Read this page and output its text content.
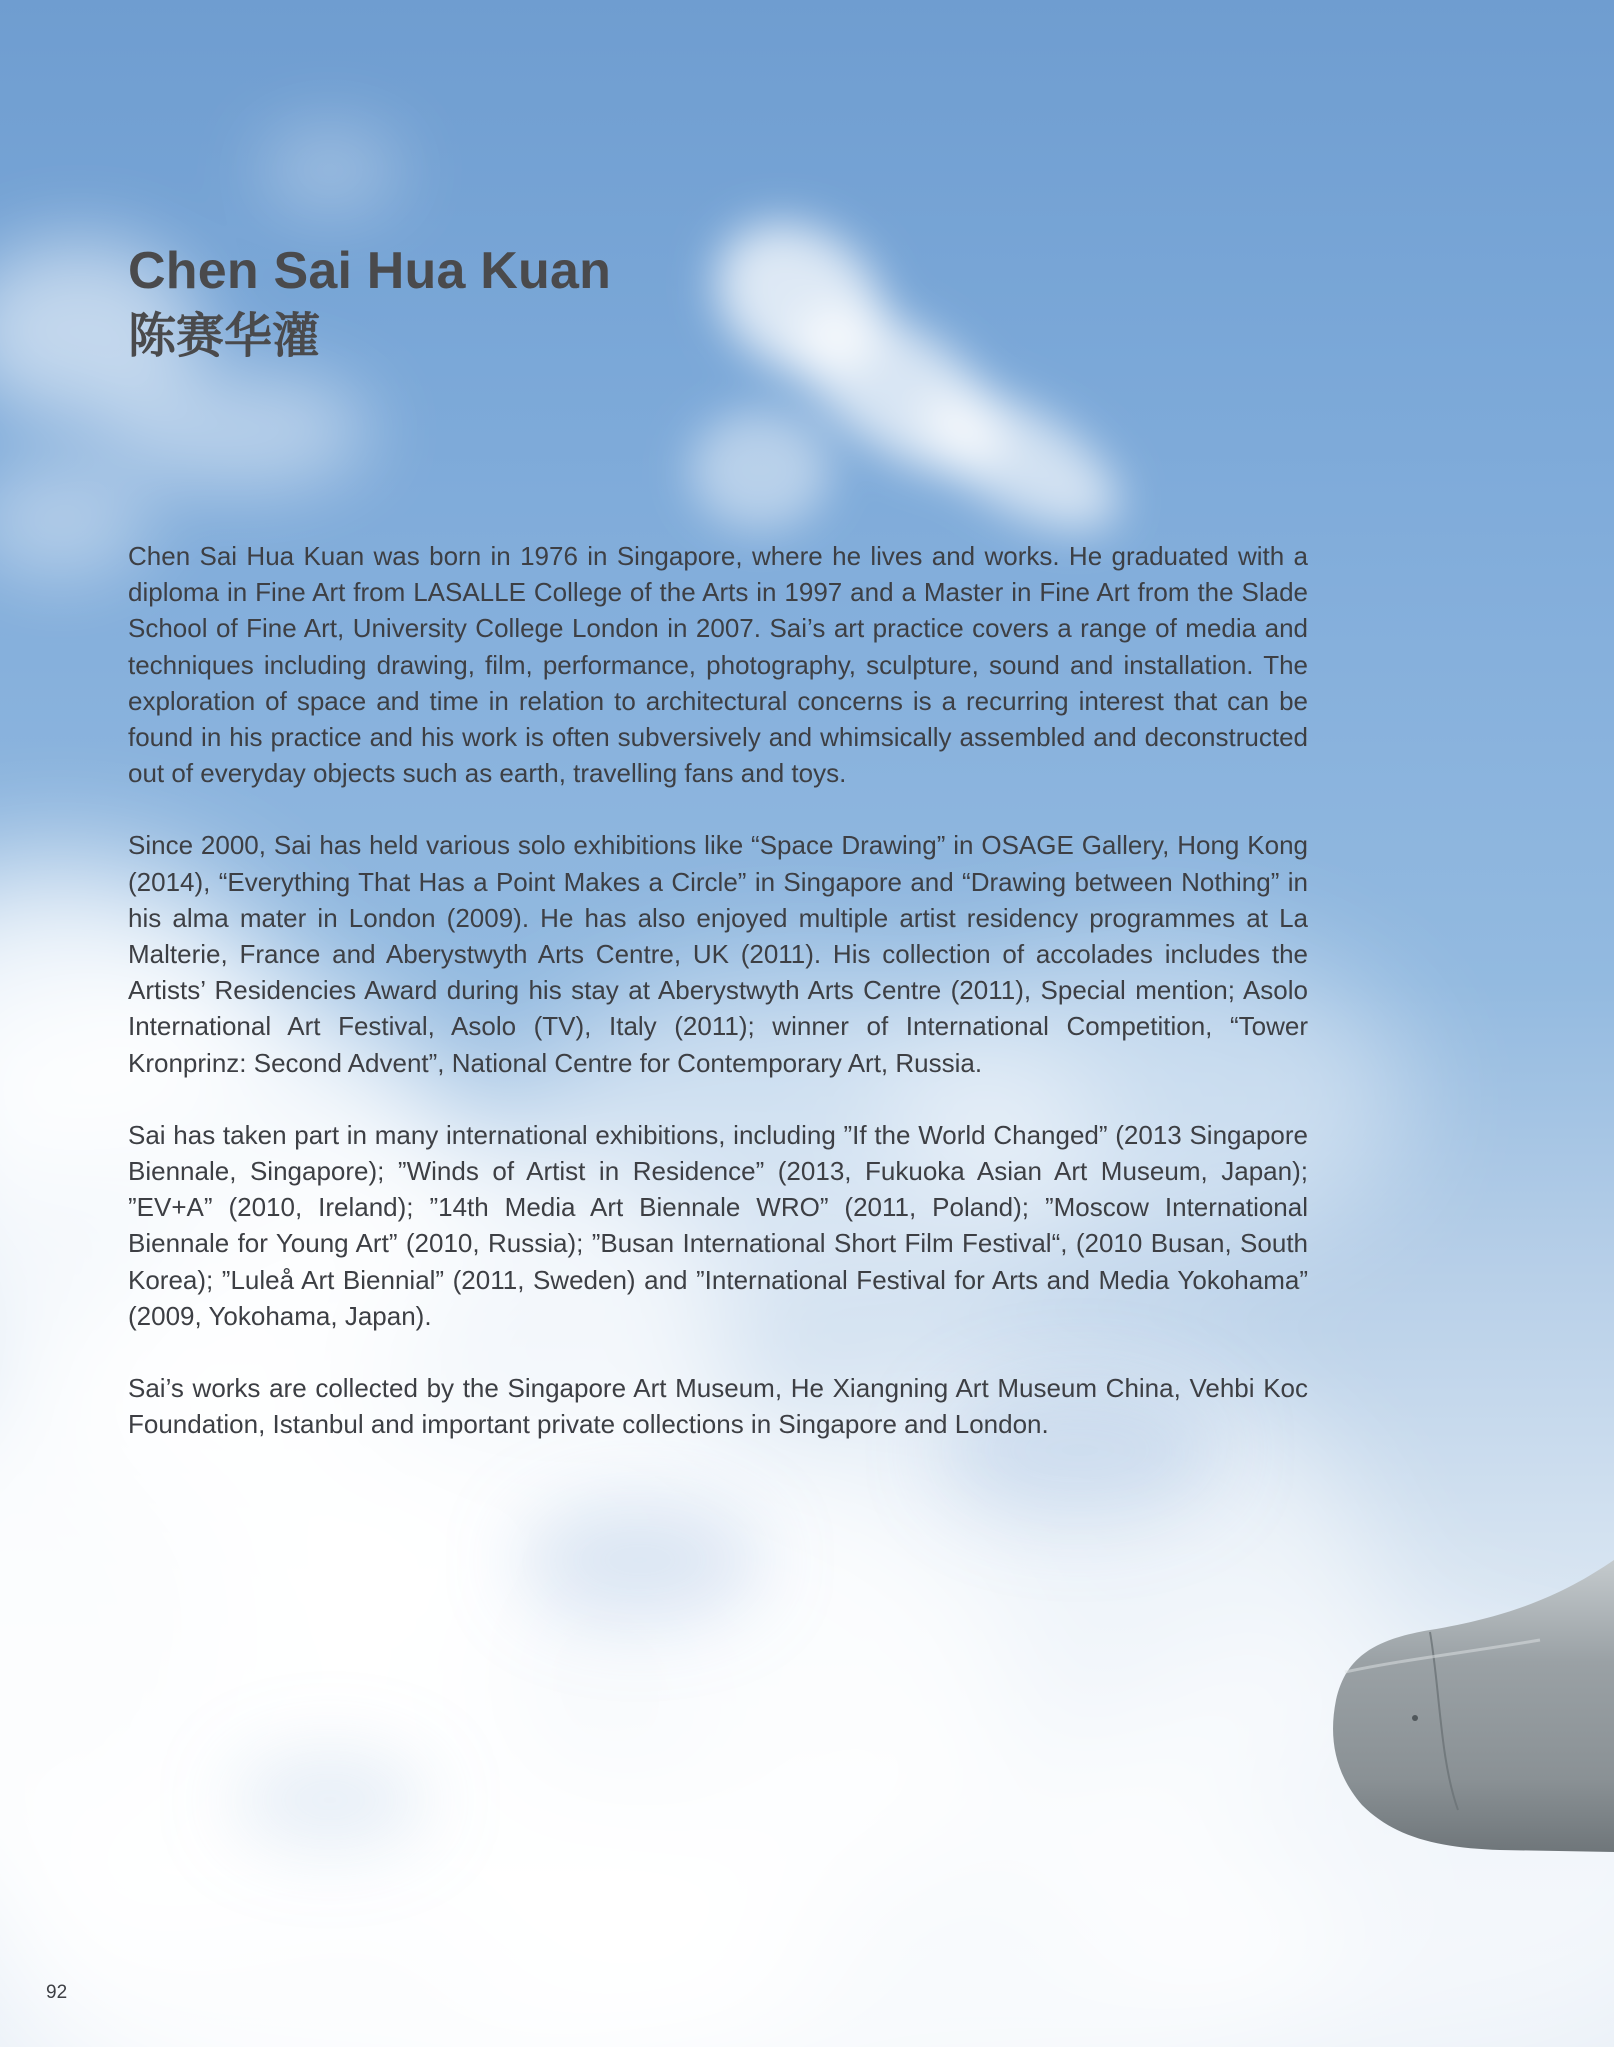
Chen Sai Hua Kuan
陈赛华灌

Chen Sai Hua Kuan was born in 1976 in Singapore, where he lives and works. He graduated with a diploma in Fine Art from LASALLE College of the Arts in 1997 and a Master in Fine Art from the Slade School of Fine Art, University College London in 2007. Sai’s art practice covers a range of media and techniques including drawing, film, performance, photography, sculpture, sound and installation. The exploration of space and time in relation to architectural concerns is a recurring interest that can be found in his practice and his work is often subversively and whimsically assembled and deconstructed out of everyday objects such as earth, travelling fans and toys.

Since 2000, Sai has held various solo exhibitions like “Space Drawing” in OSAGE Gallery, Hong Kong (2014), “Everything That Has a Point Makes a Circle” in Singapore and “Drawing between Nothing” in his alma mater in London (2009). He has also enjoyed multiple artist residency programmes at La Malterie, France and Aberystwyth Arts Centre, UK (2011). His collection of accolades includes the Artists’ Residencies Award during his stay at Aberystwyth Arts Centre (2011), Special mention; Asolo International Art Festival, Asolo (TV), Italy (2011); winner of International Competition, “Tower Kronprinz: Second Advent”, National Centre for Contemporary Art, Russia.

Sai has taken part in many international exhibitions, including ”If the World Changed” (2013 Singapore Biennale, Singapore); ”Winds of Artist in Residence” (2013, Fukuoka Asian Art Museum, Japan); ”EV+A” (2010, Ireland); ”14th Media Art Biennale WRO” (2011, Poland); ”Moscow International Biennale for Young Art” (2010, Russia); ”Busan International Short Film Festival“, (2010 Busan, South Korea); ”Luleå Art Biennial” (2011, Sweden) and ”International Festival for Arts and Media Yokohama” (2009, Yokohama, Japan).

Sai’s works are collected by the Singapore Art Museum, He Xiangning Art Museum China, Vehbi Koc Foundation, Istanbul and important private collections in Singapore and London.

92
